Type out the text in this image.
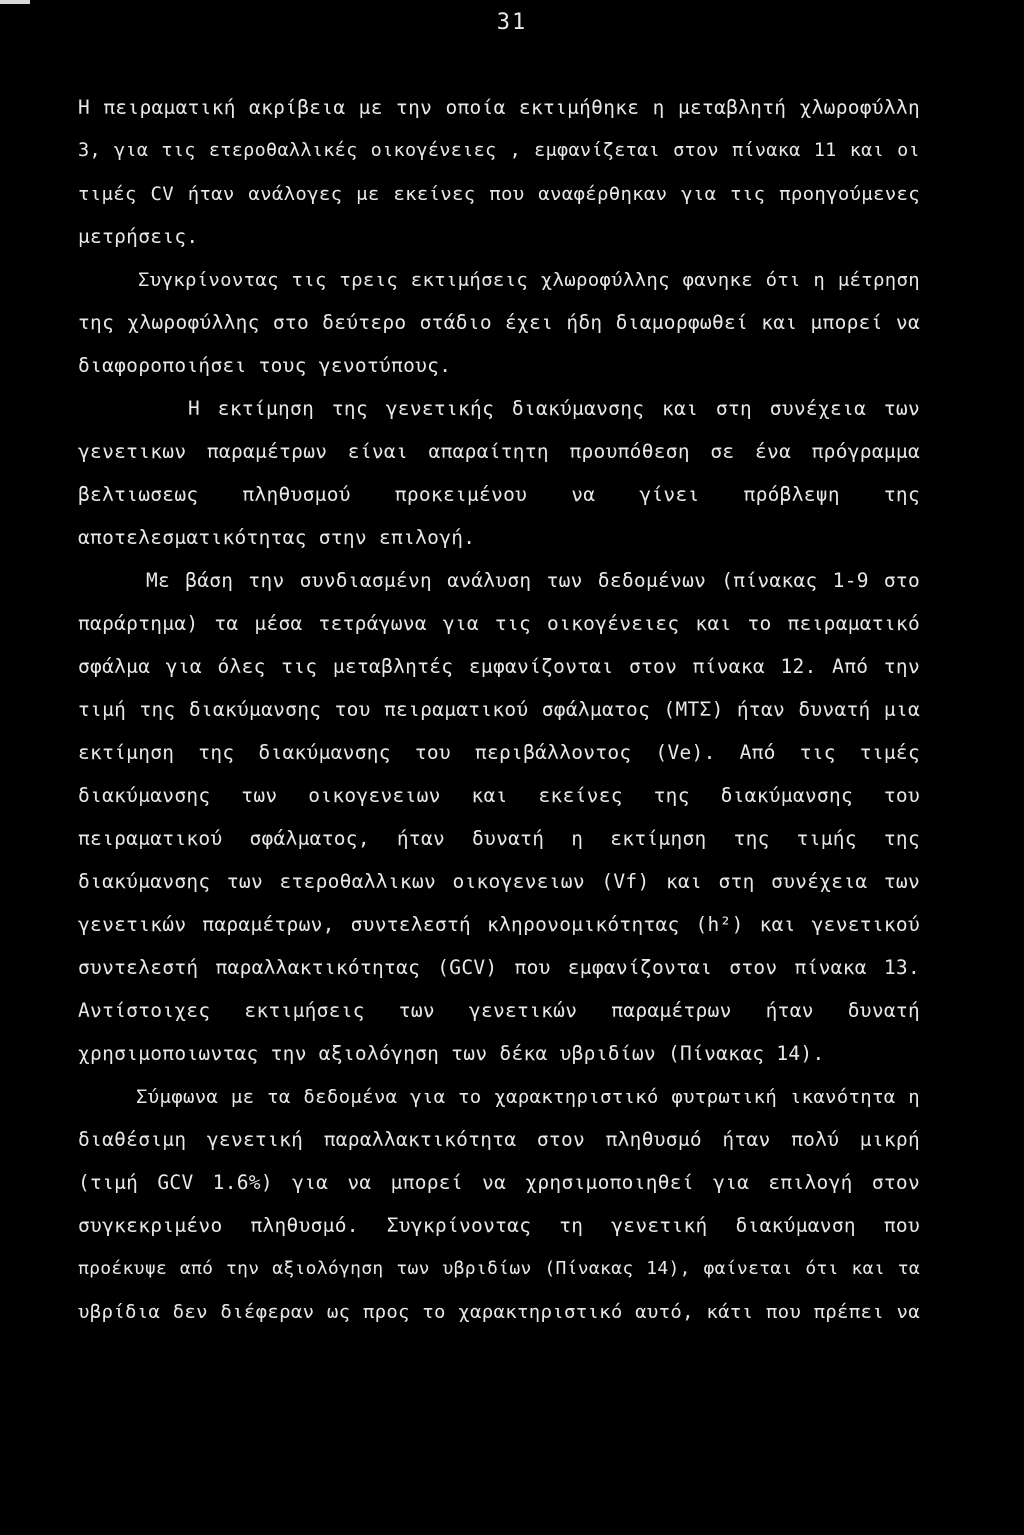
31
Η πειραματική ακρίβεια με την οποία εκτιμήθηκε η μεταβλητή χλωροφύλλη
3, για τις ετεροθαλλικές οικογένειες , εμφανίζεται στον πίνακα 11 και οι
τιμές CV ήταν ανάλογες με εκείνες που αναφέρθηκαν για τις προηγούμενες
μετρήσεις.
Συγκρίνοντας τις τρεις εκτιμήσεις χλωροφύλλης φανηκε ότι η μέτρηση
της χλωροφύλλης στο δεύτερο στάδιο έχει ήδη διαμορφωθεί και μπορεί να
διαφοροποιήσει τους γενοτύπους.
Η εκτίμηση της γενετικής διακύμανσης και στη συνέχεια των
γενετικων παραμέτρων είναι απαραίτητη προυπόθεση σε ένα πρόγραμμα
βελτιωσεως πληθυσμού προκειμένου να γίνει πρόβλεψη της
αποτελεσματικότητας στην επιλογή.
Με βάση την συνδιασμένη ανάλυση των δεδομένων (πίνακας 1-9 στο
παράρτημα) τα μέσα τετράγωνα για τις οικογένειες και το πειραματικό
σφάλμα για όλες τις μεταβλητές εμφανίζονται στον πίνακα 12. Από την
τιμή της διακύμανσης του πειραματικού σφάλματος (ΜΤΣ) ήταν δυνατή μια
εκτίμηση της διακύμανσης του περιβάλλοντος (Ve). Από τις τιμές
διακύμανσης των οικογενειων και εκείνες της διακύμανσης του
πειραματικού σφάλματος, ήταν δυνατή η εκτίμηση της τιμής της
διακύμανσης των ετεροθαλλικων οικογενειων (Vf) και στη συνέχεια των
γενετικών παραμέτρων, συντελεστή κληρονομικότητας (h²) και γενετικού
συντελεστή παραλλακτικότητας (GCV) που εμφανίζονται στον πίνακα 13.
Αντίστοιχες εκτιμήσεις των γενετικών παραμέτρων ήταν δυνατή
χρησιμοποιωντας την αξιολόγηση των δέκα υβριδίων (Πίνακας 14).
Σύμφωνα με τα δεδομένα για το χαρακτηριστικό φυτρωτική ικανότητα η
διαθέσιμη γενετική παραλλακτικότητα στον πληθυσμό ήταν πολύ μικρή
(τιμή GCV 1.6%) για να μπορεί να χρησιμοποιηθεί για επιλογή στον
συγκεκριμένο πληθυσμό. Συγκρίνοντας τη γενετική διακύμανση που
προέκυψε από την αξιολόγηση των υβριδίων (Πίνακας 14), φαίνεται ότι και τα
υβρίδια δεν διέφεραν ως προς το χαρακτηριστικό αυτό, κάτι που πρέπει να
